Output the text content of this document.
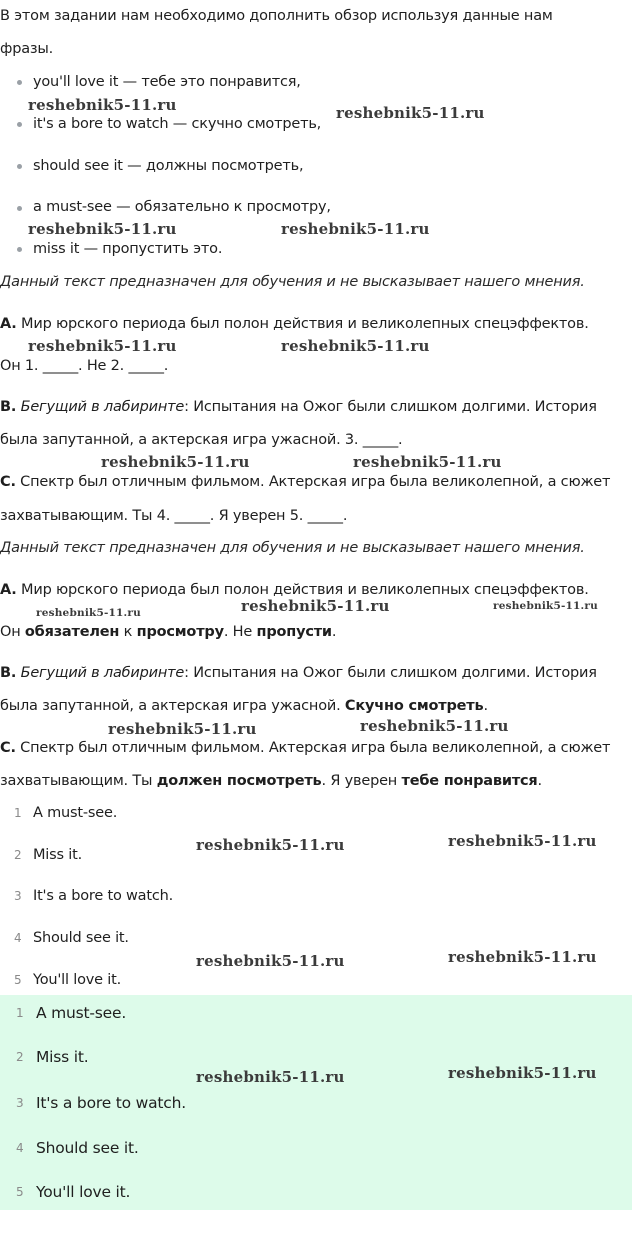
В этом задании нам необходимо дополнить обзор используя данные нам
фразы.
you'll love it — тебе это понравится,
it's a bore to watch — скучно смотреть,
should see it — должны посмотреть,
a must-see — обязательно к просмотру,
miss it — пропустить это.
Данный текст предназначен для обучения и не высказывает нашего мнения.
A. Мир юрского периода был полон действия и великолепных спецэффектов.
Он 1. _____. Не 2. _____.
B. Бегущий в лабиринте: Испытания на Ожог были слишком долгими. История
была запутанной, а актерская игра ужасной. 3. _____.
C. Спектр был отличным фильмом. Актерская игра была великолепной, а сюжет
захватывающим. Ты 4. _____. Я уверен 5. _____.
Данный текст предназначен для обучения и не высказывает нашего мнения.
A. Мир юрского периода был полон действия и великолепных спецэффектов.
Он обязателен к просмотру. Не пропусти.
B. Бегущий в лабиринте: Испытания на Ожог были слишком долгими. История
была запутанной, а актерская игра ужасной. Скучно смотреть.
C. Спектр был отличным фильмом. Актерская игра была великолепной, а сюжет
захватывающим. Ты должен посмотреть. Я уверен тебе понравится.
1 A must-see.
2 Miss it.
3 It's a bore to watch.
4 Should see it.
5 You'll love it.
1 A must-see.
2 Miss it.
3 It's a bore to watch.
4 Should see it.
5 You'll love it.
reshebnik5-11.ru	reshebnik5-11.ru
reshebnik5-11.ru	reshebnik5-11.ru
reshebnik5-11.ru	reshebnik5-11.ru
reshebnik5-11.ru	reshebnik5-11.ru
reshebnik5-11.ru	reshebnik5-11.ru	reshebnik5-11.ru
reshebnik5-11.ru	reshebnik5-11.ru
reshebnik5-11.ru	reshebnik5-11.ru
reshebnik5-11.ru	reshebnik5-11.ru
reshebnik5-11.ru	reshebnik5-11.ru
